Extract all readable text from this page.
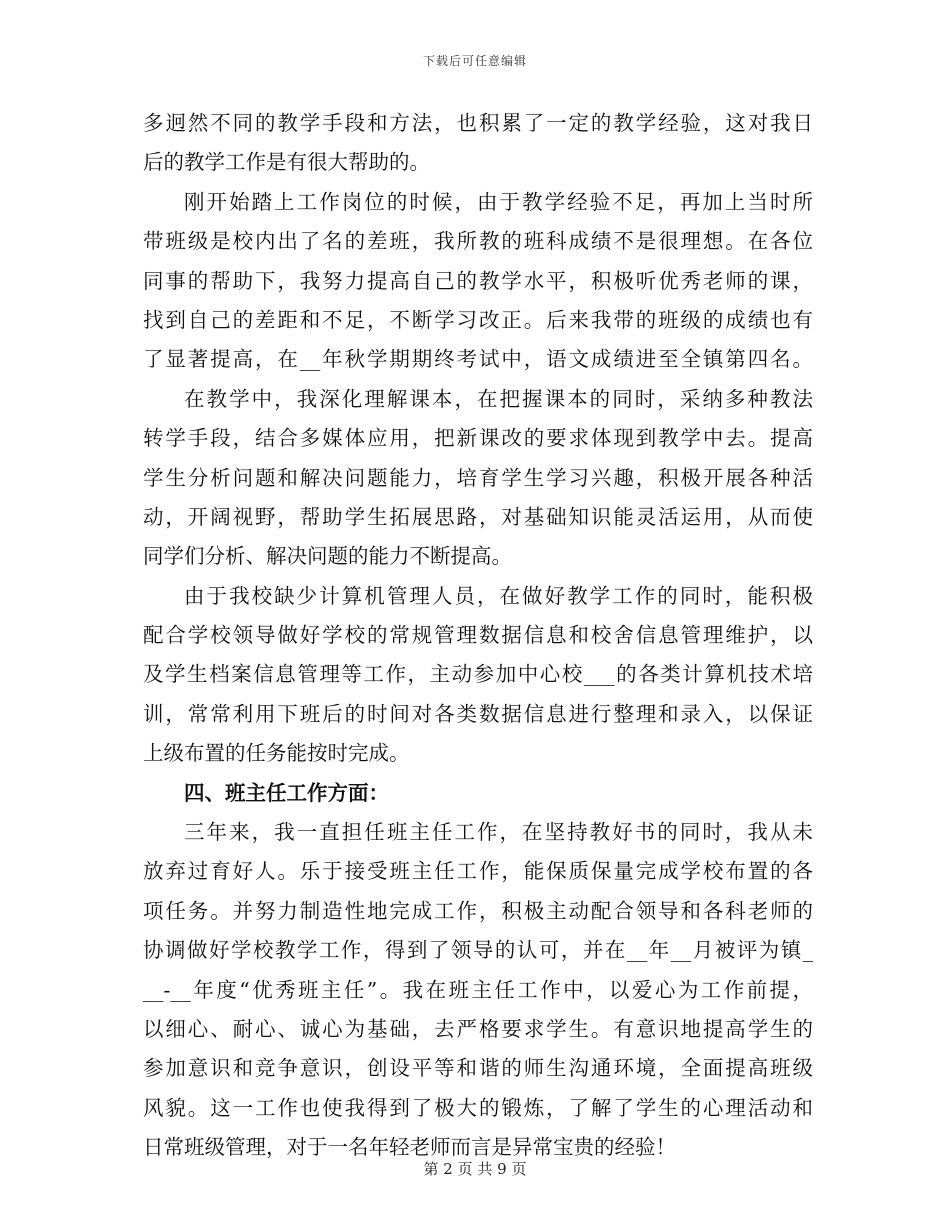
下载后可任意编辑
多迥然不同的教学手段和方法，也积累了一定的教学经验，这对我日
后的教学工作是有很大帮助的。
刚开始踏上工作岗位的时候，由于教学经验不足，再加上当时所
带班级是校内出了名的差班，我所教的班科成绩不是很理想。在各位
同事的帮助下，我努力提高自己的教学水平，积极听优秀老师的课，
找到自己的差距和不足，不断学习改正。后来我带的班级的成绩也有
了显著提高，在__年秋学期期终考试中，语文成绩进至全镇第四名。
在教学中，我深化理解课本，在把握课本的同时，采纳多种教法
转学手段，结合多媒体应用，把新课改的要求体现到教学中去。提高
学生分析问题和解决问题能力，培育学生学习兴趣，积极开展各种活
动，开阔视野，帮助学生拓展思路，对基础知识能灵活运用，从而使
同学们分析、解决问题的能力不断提高。
由于我校缺少计算机管理人员，在做好教学工作的同时，能积极
配合学校领导做好学校的常规管理数据信息和校舍信息管理维护，以
及学生档案信息管理等工作，主动参加中心校___的各类计算机技术培
训，常常利用下班后的时间对各类数据信息进行整理和录入，以保证
上级布置的任务能按时完成。
四、班主任工作方面：
三年来，我一直担任班主任工作，在坚持教好书的同时，我从未
放弃过育好人。乐于接受班主任工作，能保质保量完成学校布置的各
项任务。并努力制造性地完成工作，积极主动配合领导和各科老师的
协调做好学校教学工作，得到了领导的认可，并在__年__月被评为镇_
__-__年度“优秀班主任”。我在班主任工作中，以爱心为工作前提，
以细心、耐心、诚心为基础，去严格要求学生。有意识地提高学生的
参加意识和竞争意识，创设平等和谐的师生沟通环境，全面提高班级
风貌。这一工作也使我得到了极大的锻炼，了解了学生的心理活动和
日常班级管理，对于一名年轻老师而言是异常宝贵的经验！
第 2 页 共 9 页
